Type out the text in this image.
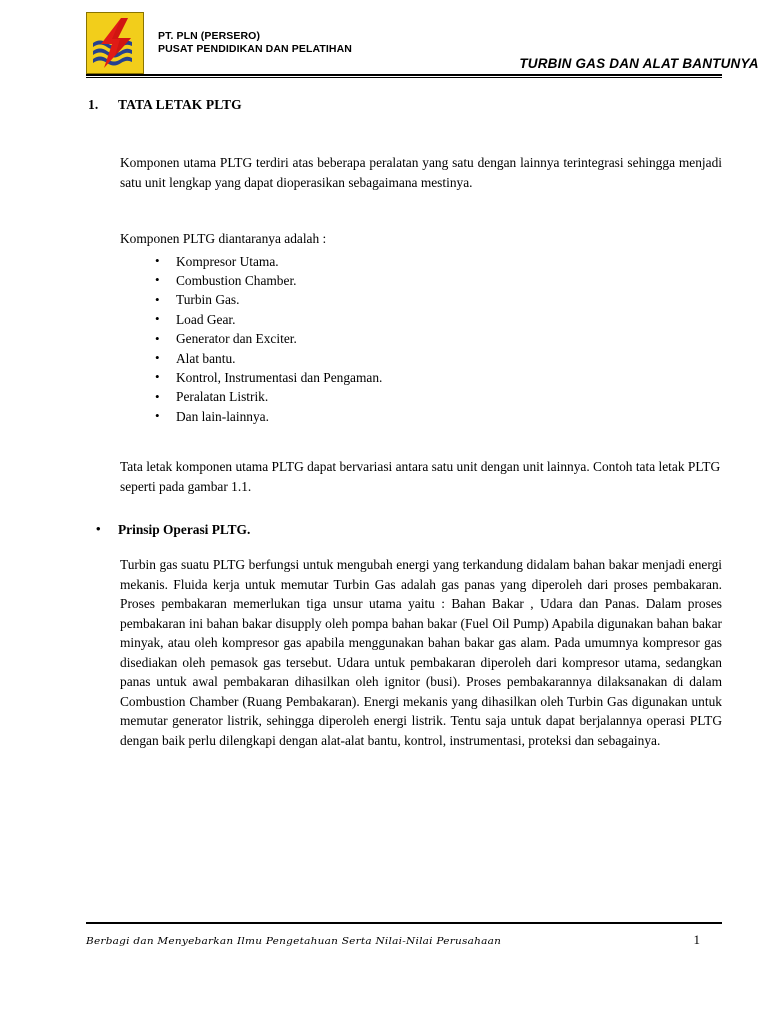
PT. PLN (PERSERO)
PUSAT PENDIDIKAN DAN PELATIHAN
TURBIN GAS DAN ALAT BANTUNYA
1. TATA LETAK PLTG
Komponen utama PLTG terdiri atas beberapa peralatan yang satu dengan lainnya terintegrasi sehingga menjadi satu unit lengkap yang dapat dioperasikan sebagaimana mestinya.
Komponen PLTG diantaranya adalah :
• Kompresor Utama.
• Combustion Chamber.
• Turbin Gas.
• Load Gear.
• Generator dan Exciter.
• Alat bantu.
• Kontrol, Instrumentasi dan Pengaman.
• Peralatan Listrik.
• Dan lain-lainnya.
Tata letak komponen utama PLTG dapat bervariasi antara satu unit dengan unit lainnya. Contoh tata letak PLTG seperti pada gambar 1.1.
• Prinsip Operasi PLTG.
Turbin gas suatu PLTG berfungsi untuk mengubah energi yang terkandung didalam bahan bakar menjadi energi mekanis. Fluida kerja untuk memutar Turbin Gas adalah gas panas yang diperoleh dari proses pembakaran. Proses pembakaran memerlukan tiga unsur utama yaitu : Bahan Bakar , Udara dan Panas. Dalam proses pembakaran ini bahan bakar disupply oleh pompa bahan bakar (Fuel Oil Pump) Apabila digunakan bahan bakar minyak, atau oleh kompresor gas apabila menggunakan bahan bakar gas alam. Pada umumnya kompresor gas disediakan oleh pemasok gas tersebut. Udara untuk pembakaran diperoleh dari kompresor utama, sedangkan panas untuk awal pembakaran dihasilkan oleh ignitor (busi). Proses pembakarannya dilaksanakan di dalam Combustion Chamber (Ruang Pembakaran). Energi mekanis yang dihasilkan oleh Turbin Gas digunakan untuk memutar generator listrik, sehingga diperoleh energi listrik. Tentu saja untuk dapat berjalannya operasi PLTG dengan baik perlu dilengkapi dengan alat-alat bantu, kontrol, instrumentasi, proteksi dan sebagainya.
Berbagi dan Menyebarkan Ilmu Pengetahuan Serta Nilai-Nilai Perusahaan	1
